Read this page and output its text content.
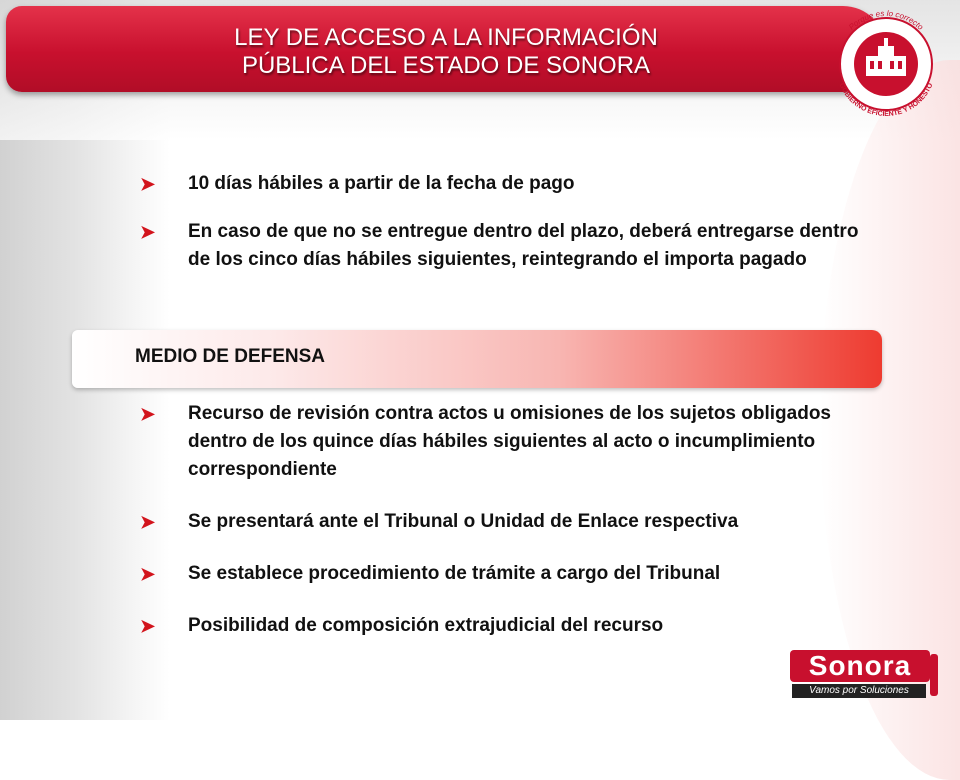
LEY DE ACCESO A LA INFORMACIÓN
PÚBLICA DEL ESTADO DE SONORA
Porque es lo correcto
GOBIERNO EFICIENTE Y HONESTO

➤ 10 días hábiles a partir de la fecha de pago

➤ En caso de que no se entregue dentro del plazo, deberá entregarse dentro de los cinco días hábiles siguientes, reintegrando el importa pagado

MEDIO DE DEFENSA

➤ Recurso de revisión contra actos u omisiones de los sujetos obligados dentro de los quince días hábiles siguientes al acto o incumplimiento correspondiente

➤ Se presentará ante el Tribunal o Unidad de Enlace respectiva

➤ Se establece procedimiento de trámite a cargo del Tribunal

➤ Posibilidad de composición extrajudicial del recurso

Sonora
Vamos por Soluciones
